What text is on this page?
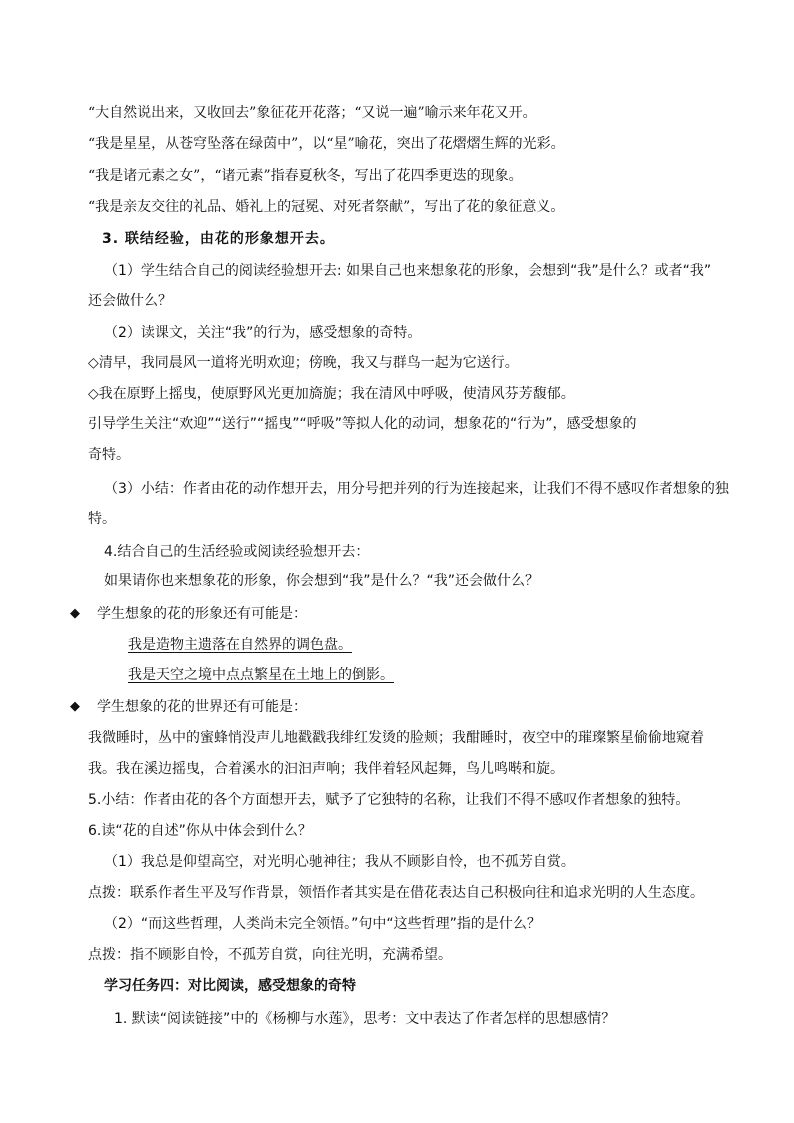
“大自然说出来，又收回去”象征花开花落；“又说一遍”喻示来年花又开。
“我是星星，从苍穹坠落在绿茵中”，以“星”喻花，突出了花熠熠生辉的光彩。
“我是诸元素之女”，“诸元素”指春夏秋冬，写出了花四季更迭的现象。
“我是亲友交往的礼品、婚礼上的冠冕、对死者祭献”，写出了花的象征意义。
3. 联结经验，由花的形象想开去。
（1）学生结合自己的阅读经验想开去: 如果自己也来想象花的形象，会想到“我”是什么？或者“我”
还会做什么？
（2）读课文，关注“我”的行为，感受想象的奇特。
◇清早，我同晨风一道将光明欢迎；傍晚，我又与群鸟一起为它送行。
◇我在原野上摇曳，使原野风光更加旖旎；我在清风中呼吸，使清风芬芳馥郁。
引导学生关注“欢迎”“送行”“摇曳”“呼吸”等拟人化的动词，想象花的“行为”，感受想象的
奇特。
（3）小结：作者由花的动作想开去，用分号把并列的行为连接起来，让我们不得不感叹作者想象的独
特。
4.结合自己的生活经验或阅读经验想开去：
如果请你也来想象花的形象，你会想到“我”是什么？“我”还会做什么？
◆ 学生想象的花的形象还有可能是：
我是造物主遗落在自然界的调色盘。
我是天空之境中点点繁星在土地上的倒影。
◆ 学生想象的花的世界还有可能是：
我微睡时，丛中的蜜蜂悄没声儿地戳戳我绯红发烫的脸颊；我酣睡时，夜空中的璀璨繁星偷偷地窥着
我。我在溪边摇曳，合着溪水的汩汩声响；我伴着轻风起舞，鸟儿鸣啭和旋。
5.小结：作者由花的各个方面想开去，赋予了它独特的名称，让我们不得不感叹作者想象的独特。
6.读“花的自述”你从中体会到什么？
（1）我总是仰望高空，对光明心驰神往；我从不顾影自怜，也不孤芳自赏。
点拨：联系作者生平及写作背景，领悟作者其实是在借花表达自己积极向往和追求光明的人生态度。
（2）“而这些哲理，人类尚未完全领悟。”句中“这些哲理”指的是什么？
点拨：指不顾影自怜，不孤芳自赏，向往光明，充满希望。
学习任务四：对比阅读，感受想象的奇特
1. 默读“阅读链接”中的《杨柳与水莲》，思考：文中表达了作者怎样的思想感情？
